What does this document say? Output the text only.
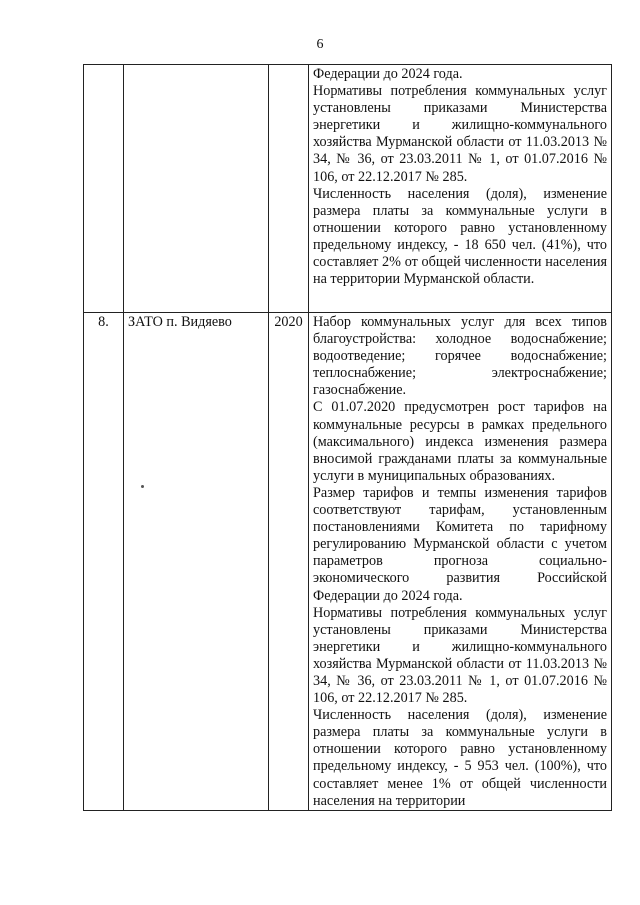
6

			Федерации до 2024 года.

Нормативы потребления коммунальных услуг установлены приказами Министерства энергетики и жилищно-коммунального хозяйства Мурманской области от 11.03.2013 № 34, № 36, от 23.03.2011 № 1, от 01.07.2016 № 106, от 22.12.2017 № 285.

Численность населения (доля), изменение размера платы за коммунальные услуги в отношении которого равно установленному предельному индексу, - 18 650 чел. (41%), что составляет 2% от общей численности населения на территории Мурманской области.

8.	ЗАТО п. Видяево	2020	Набор коммунальных услуг для всех типов благоустройства: холодное водоснабжение; водоотведение; горячее водоснабжение; теплоснабжение; электроснабжение; газоснабжение.

С 01.07.2020 предусмотрен рост тарифов на коммунальные ресурсы в рамках предельного (максимального) индекса изменения размера вносимой гражданами платы за коммунальные услуги в муниципальных образованиях.

Размер тарифов и темпы изменения тарифов соответствуют тарифам, установленным постановлениями Комитета по тарифному регулированию Мурманской области с учетом параметров прогноза социально-экономического развития Российской Федерации до 2024 года.

Нормативы потребления коммунальных услуг установлены приказами Министерства энергетики и жилищно-коммунального хозяйства Мурманской области от 11.03.2013 № 34, № 36, от 23.03.2011 № 1, от 01.07.2016 № 106, от 22.12.2017 № 285.

Численность населения (доля), изменение размера платы за коммунальные услуги в отношении которого равно установленному предельному индексу, - 5 953 чел. (100%), что составляет менее 1% от общей численности населения на территории
